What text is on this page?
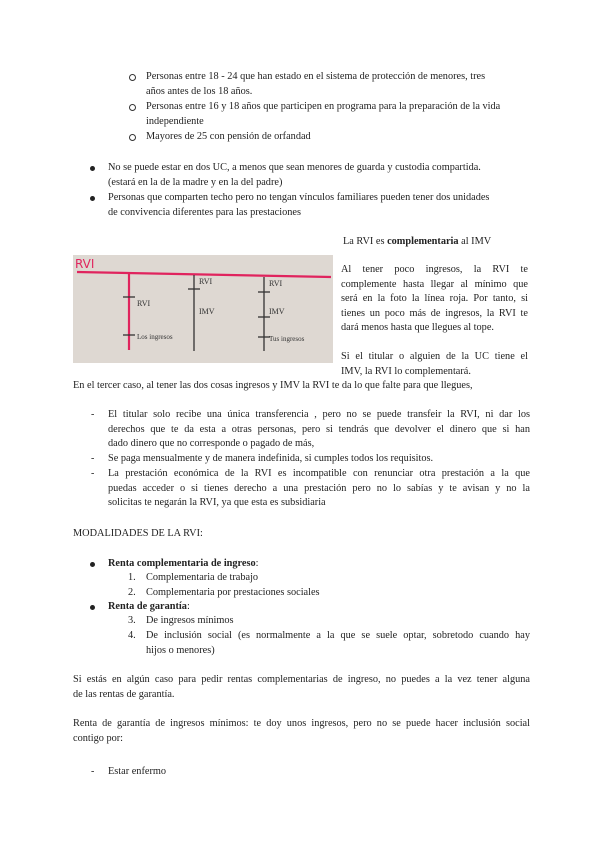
Personas entre 18 - 24 que han estado en el sistema de protección de menores, tres
años antes de los 18 años.
Personas entre 16 y 18 años que participen en programa para la preparación de la vida
independiente
Mayores de 25 con pensión de orfandad
No se puede estar en dos UC, a menos que sean menores de guarda y custodia compartida.
(estará en la de la madre y en la del padre)
Personas que comparten techo pero no tengan vínculos familiares pueden tener dos unidades
de convivencia diferentes para las prestaciones
La RVI es complementaria al IMV
RVI
RVI
Los ingresos
RVI
IMV
RVI
IMV
Tus ingresos
Al tener poco ingresos, la RVI te
complemente hasta llegar al mínimo que
será en la foto la línea roja. Por tanto, si
tienes un poco más de ingresos, la RVI te
dará menos hasta que llegues al tope.
Si el titular o alguien de la UC tiene el
IMV, la RVI lo complementará.
En el tercer caso, al tener las dos cosas ingresos y IMV la RVI te da lo que falte para que llegues,
- El titular solo recibe una única transferencia , pero no se puede transfeir la RVI, ni dar los
derechos que te da esta a otras personas, pero si tendrás que devolver el dinero que si han
dado dinero que no corresponde o pagado de más,
- Se paga mensualmente y de manera indefinida, si cumples todos los requisitos.
- La prestación económica de la RVI es incompatible con renunciar otra prestación a la que
puedas acceder o si tienes derecho a una prestación pero no lo sabías y te avisan y no la
solicitas te negarán la RVI, ya que esta es subsidiaria
MODALIDADES DE LA RVI:
Renta complementaria de ingreso:
1. Complementaria de trabajo
2. Complementaria por prestaciones sociales
Renta de garantía:
3. De ingresos mínimos
4. De inclusión social (es normalmente a la que se suele optar, sobretodo cuando hay
hijos o menores)
Si estás en algún caso para pedir rentas complementarias de ingreso, no puedes a la vez tener alguna
de las rentas de garantía.
Renta de garantía de ingresos mínimos: te doy unos ingresos, pero no se puede hacer inclusión social
contigo por:
- Estar enfermo
